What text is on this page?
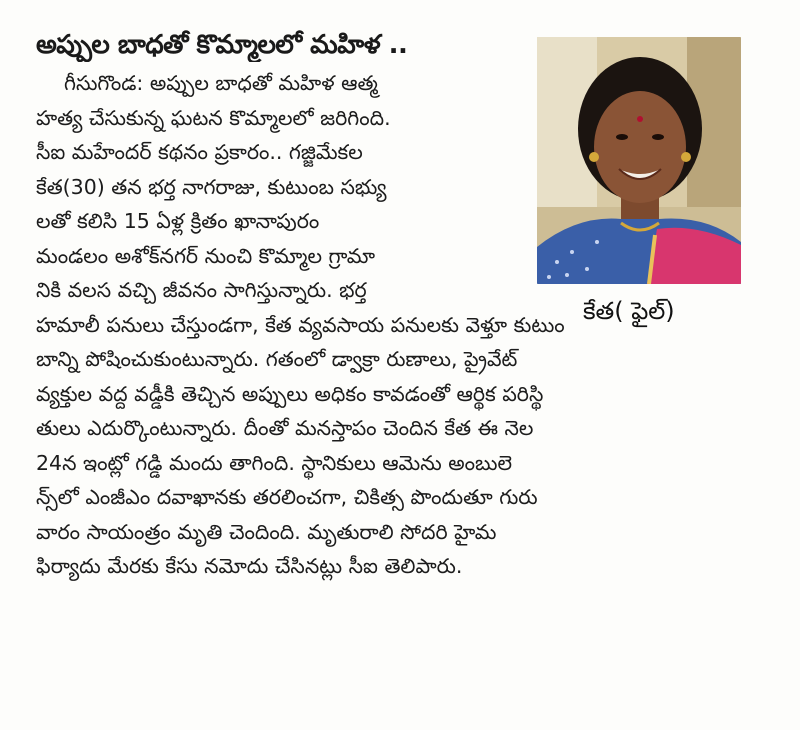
అప్పుల బాధతో కొమ్మాలలో మహిళ ..
కేత( ఫైల్)
గీసుగొండ: అప్పుల బాధతో మహిళ ఆత్మ
హత్య చేసుకున్న ఘటన కొమ్మాలలో జరిగింది.
సీఐ మహేందర్ కథనం ప్రకారం.. గజ్జిమేకల
కేత(30) తన భర్త నాగరాజు, కుటుంబ సభ్యు
లతో కలిసి 15 ఏళ్ల క్రితం ఖానాపురం
మండలం అశోక్‌నగర్ నుంచి కొమ్మాల గ్రామా
నికి వలస వచ్చి జీవనం సాగిస్తున్నారు. భర్త
హమాలీ పనులు చేస్తుండగా, కేత వ్యవసాయ పనులకు వెళ్తూ కుటుం
బాన్ని పోషించుకుంటున్నారు. గతంలో డ్వాక్రా రుణాలు, ప్రైవేట్
వ్యక్తుల వద్ద వడ్డీకి తెచ్చిన అప్పులు అధికం కావడంతో ఆర్థిక పరిస్థి
తులు ఎదుర్కొంటున్నారు. దీంతో మనస్తాపం చెందిన కేత ఈ నెల
24న ఇంట్లో గడ్డి మందు తాగింది. స్థానికులు ఆమెను అంబులె
న్స్‌లో ఎంజీఎం దవాఖానకు తరలించగా, చికిత్స పొందుతూ గురు
వారం సాయంత్రం మృతి చెందింది. మృతురాలి సోదరి హైమ
ఫిర్యాదు మేరకు కేసు నమోదు చేసినట్లు సీఐ తెలిపారు.
